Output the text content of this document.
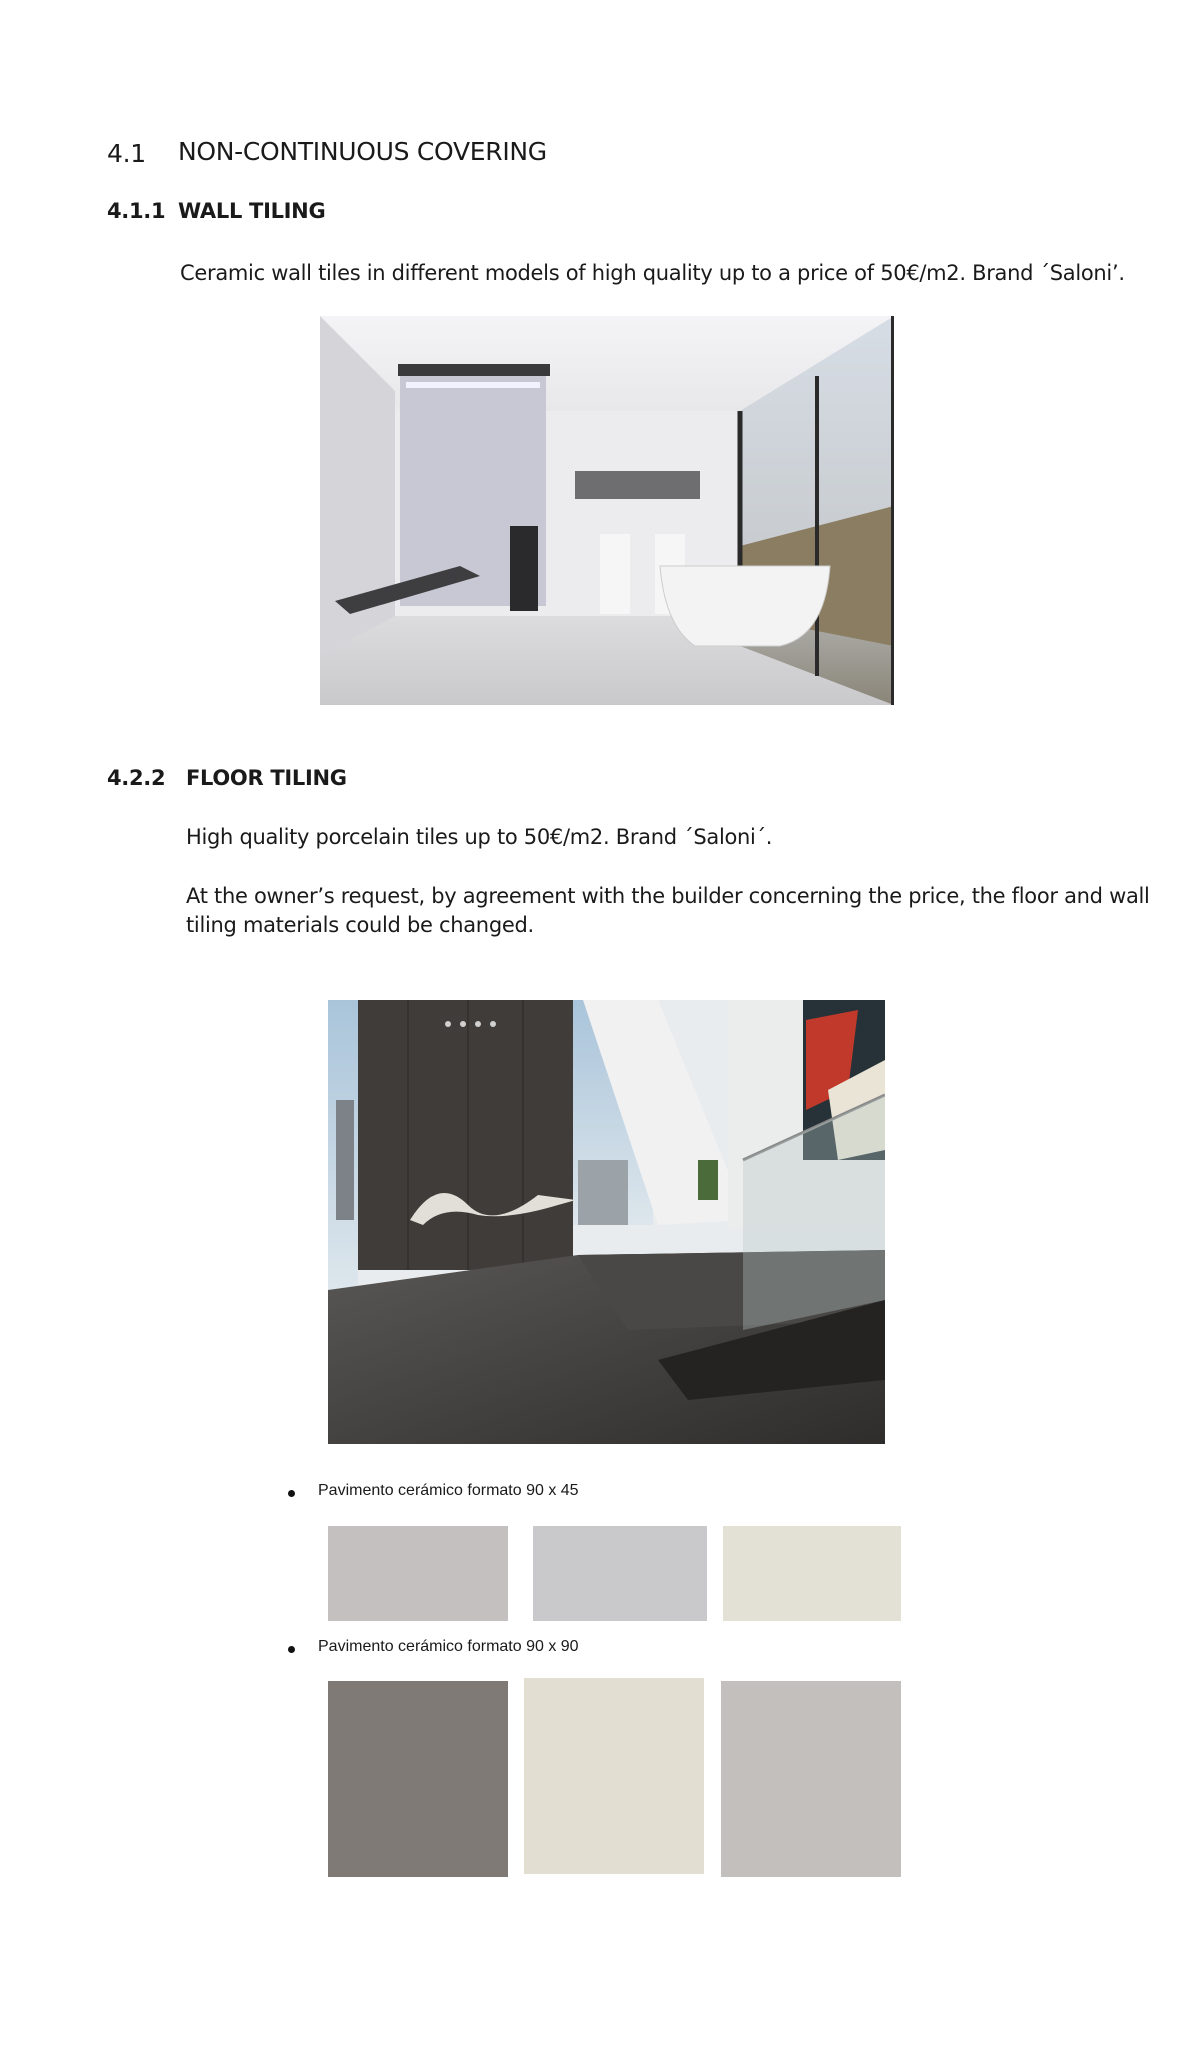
4.1 NON-CONTINUOUS COVERING
4.1.1 WALL TILING
Ceramic wall tiles in different models of high quality up to a price of 50€/m2. Brand ´Saloni’.
4.2.2 FLOOR TILING
High quality porcelain tiles up to 50€/m2. Brand ´Saloni´.
At the owner’s request, by agreement with the builder concerning the price, the floor and wall
tiling materials could be changed.
Pavimento cerámico formato 90 x 45
Pavimento cerámico formato 90 x 90
